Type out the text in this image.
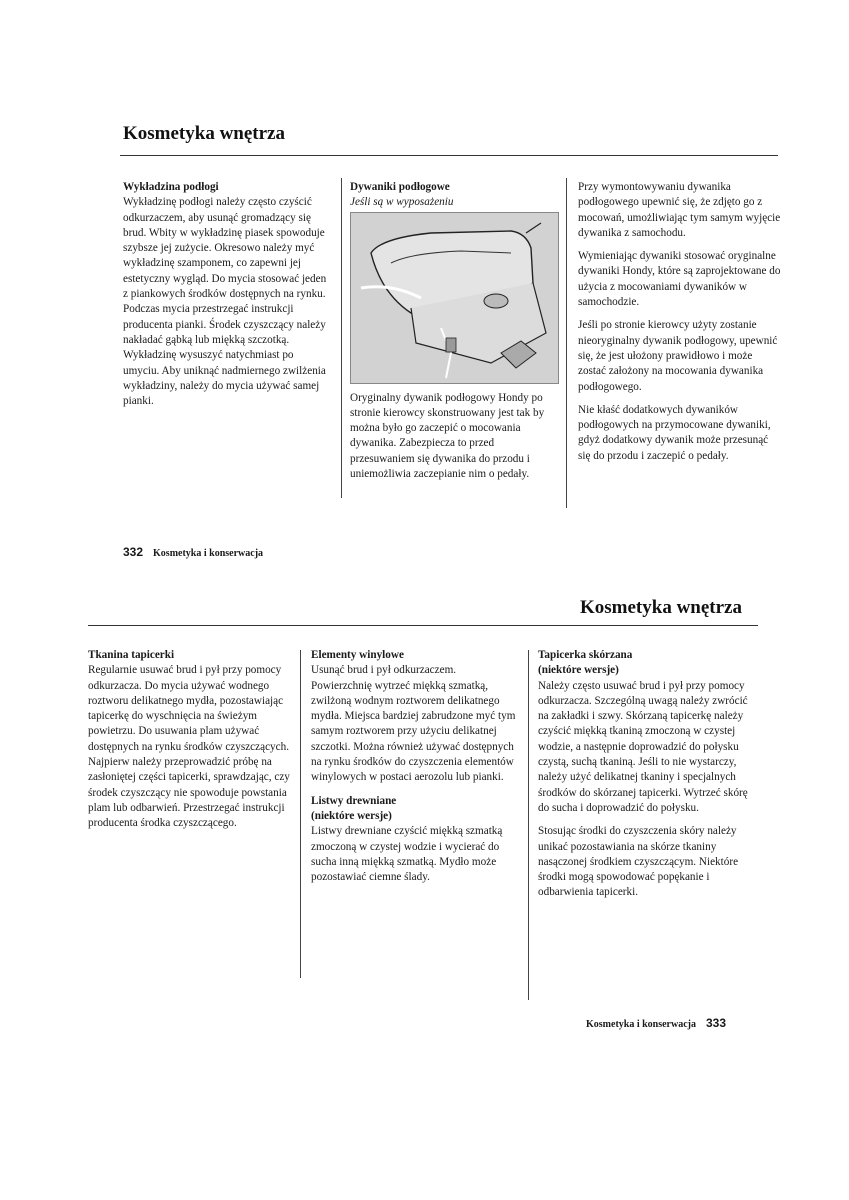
Kosmetyka wnętrza
Wykładzina podłogi

Wykładzinę podłogi należy często czyścić odkurzaczem, aby usunąć gromadzący się brud. Wbity w wykładzinę piasek spowoduje szybsze jej zużycie. Okresowo należy myć wykładzinę szamponem, co zapewni jej estetyczny wygląd. Do mycia stosować jeden z piankowych środków dostępnych na rynku. Podczas mycia przestrzegać instrukcji producenta pianki. Środek czyszczący należy nakładać gąbką lub miękką szczotką. Wykładzinę wysuszyć natychmiast po umyciu. Aby uniknąć nadmiernego zwilżenia wykładziny, należy do mycia używać samej pianki.

Dywaniki podłogowe
Jeśli są w wyposażeniu

Oryginalny dywanik podłogowy Hondy po stronie kierowcy skonstruowany jest tak by można było go zaczepić o mocowania dywanika. Zabezpiecza to przed przesuwaniem się dywanika do przodu i uniemożliwia zaczepianie nim o pedały.

Przy wymontowywaniu dywanika podłogowego upewnić się, że zdjęto go z mocowań, umożliwiając tym samym wyjęcie dywanika z samochodu.

Wymieniając dywaniki stosować oryginalne dywaniki Hondy, które są zaprojektowane do użycia z mocowaniami dywaników w samochodzie.

Jeśli po stronie kierowcy użyty zostanie nieoryginalny dywanik podłogowy, upewnić się, że jest ułożony prawidłowo i może zostać założony na mocowania dywanika podłogowego.

Nie kłaść dodatkowych dywaników podłogowych na przymocowane dywaniki, gdyż dodatkowy dywanik może przesunąć się do przodu i zaczepić o pedały.

332 Kosmetyka i konserwacja
Kosmetyka wnętrza
Tkanina tapicerki

Regularnie usuwać brud i pył przy pomocy odkurzacza. Do mycia używać wodnego roztworu delikatnego mydła, pozostawiając tapicerkę do wyschnięcia na świeżym powietrzu. Do usuwania plam używać dostępnych na rynku środków czyszczących. Najpierw należy przeprowadzić próbę na zasłoniętej części tapicerki, sprawdzając, czy środek czyszczący nie spowoduje powstania plam lub odbarwień. Przestrzegać instrukcji producenta środka czyszczącego.

Elementy winylowe

Usunąć brud i pył odkurzaczem. Powierzchnię wytrzeć miękką szmatką, zwilżoną wodnym roztworem delikatnego mydła. Miejsca bardziej zabrudzone myć tym samym roztworem przy użyciu delikatnej szczotki. Można również używać dostępnych na rynku środków do czyszczenia elementów winylowych w postaci aerozolu lub pianki.

Listwy drewniane
(niektóre wersje)

Listwy drewniane czyścić miękką szmatką zmoczoną w czystej wodzie i wycierać do sucha inną miękką szmatką. Mydło może pozostawiać ciemne ślady.

Tapicerka skórzana
(niektóre wersje)

Należy często usuwać brud i pył przy pomocy odkurzacza. Szczególną uwagą należy zwrócić na zakładki i szwy. Skórzaną tapicerkę należy czyścić miękką tkaniną zmoczoną w czystej wodzie, a następnie doprowadzić do połysku czystą, suchą tkaniną. Jeśli to nie wystarczy, należy użyć delikatnej tkaniny i specjalnych środków do skórzanej tapicerki. Wytrzeć skórę do sucha i doprowadzić do połysku.

Stosując środki do czyszczenia skóry należy unikać pozostawiania na skórze tkaniny nasączonej środkiem czyszczącym. Niektóre środki mogą spowodować popękanie i odbarwienia tapicerki.

Kosmetyka i konserwacja 333
